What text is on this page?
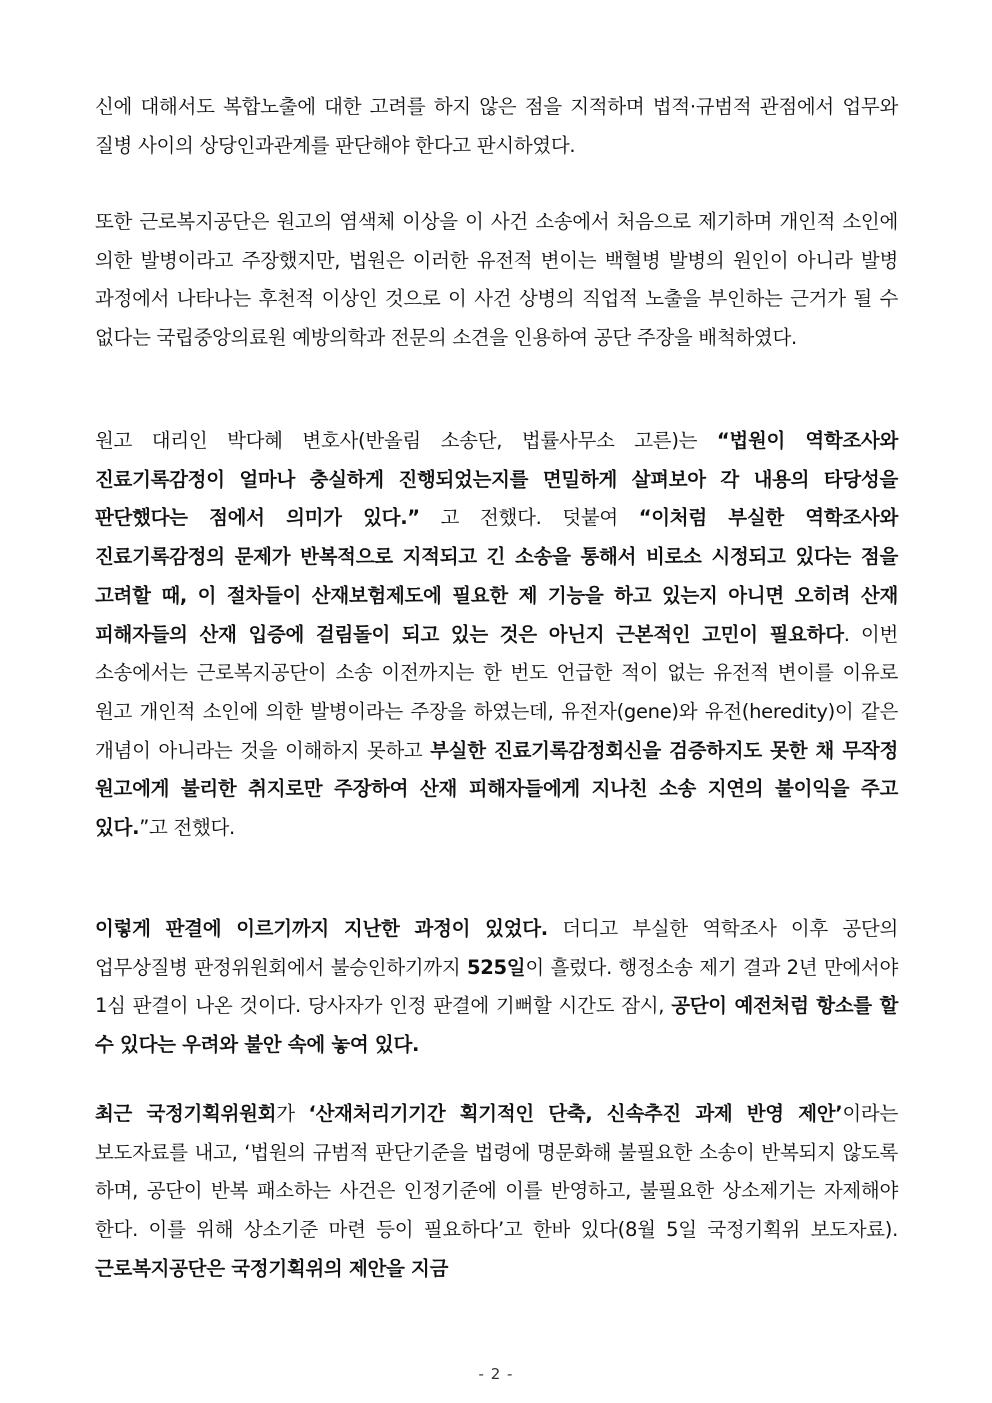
신에 대해서도 복합노출에 대한 고려를 하지 않은 점을 지적하며 법적·규범적 관점에서 업무와 질병 사이의 상당인과관계를 판단해야 한다고 판시하였다.
또한 근로복지공단은 원고의 염색체 이상을 이 사건 소송에서 처음으로 제기하며 개인적 소인에 의한 발병이라고 주장했지만, 법원은 이러한 유전적 변이는 백혈병 발병의 원인이 아니라 발병 과정에서 나타나는 후천적 이상인 것으로 이 사건 상병의 직업적 노출을 부인하는 근거가 될 수 없다는 국립중앙의료원 예방의학과 전문의 소견을 인용하여 공단 주장을 배척하였다.
원고 대리인 박다혜 변호사(반올림 소송단, 법률사무소 고른)는 “법원이 역학조사와 진료기록감정이 얼마나 충실하게 진행되었는지를 면밀하게 살펴보아 각 내용의 타당성을 판단했다는 점에서 의미가 있다.” 고 전했다. 덧붙여 “이처럼 부실한 역학조사와 진료기록감정의 문제가 반복적으로 지적되고 긴 소송을 통해서 비로소 시정되고 있다는 점을 고려할 때, 이 절차들이 산재보험제도에 필요한 제 기능을 하고 있는지 아니면 오히려 산재 피해자들의 산재 입증에 걸림돌이 되고 있는 것은 아닌지 근본적인 고민이 필요하다. 이번 소송에서는 근로복지공단이 소송 이전까지는 한 번도 언급한 적이 없는 유전적 변이를 이유로 원고 개인적 소인에 의한 발병이라는 주장을 하였는데, 유전자(gene)와 유전(heredity)이 같은 개념이 아니라는 것을 이해하지 못하고 부실한 진료기록감정회신을 검증하지도 못한 채 무작정 원고에게 불리한 취지로만 주장하여 산재 피해자들에게 지나친 소송 지연의 불이익을 주고 있다.”고 전했다.
이렇게 판결에 이르기까지 지난한 과정이 있었다. 더디고 부실한 역학조사 이후 공단의 업무상질병 판정위원회에서 불승인하기까지 525일이 흘렀다. 행정소송 제기 결과 2년 만에서야 1심 판결이 나온 것이다. 당사자가 인정 판결에 기뻐할 시간도 잠시, 공단이 예전처럼 항소를 할 수 있다는 우려와 불안 속에 놓여 있다.
최근 국정기획위원회가 ‘산재처리기기간 획기적인 단축, 신속추진 과제 반영 제안’이라는 보도자료를 내고, ‘법원의 규범적 판단기준을 법령에 명문화해 불필요한 소송이 반복되지 않도록 하며, 공단이 반복 패소하는 사건은 인정기준에 이를 반영하고, 불필요한 상소제기는 자제해야 한다. 이를 위해 상소기준 마련 등이 필요하다’고 한바 있다(8월 5일 국정기획위 보도자료). 근로복지공단은 국정기획위의 제안을 지금
- 2 -
